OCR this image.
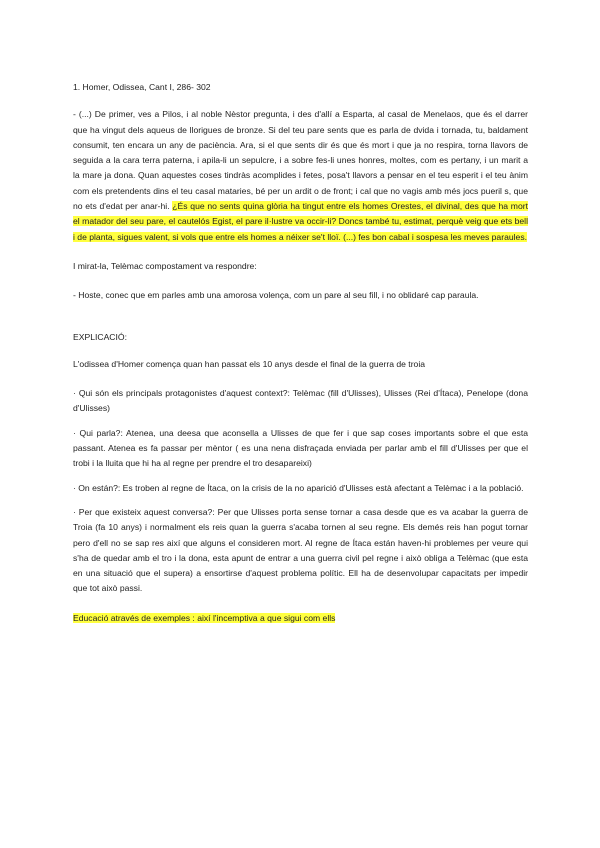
1. Homer, Odissea, Cant I, 286- 302

- (...) De primer, ves a Pilos, i al noble Nèstor pregunta, i des d'allí a Esparta, al casal de Menelaos, que és el darrer que ha vingut dels aqueus de llorigues de bronze. Si del teu pare sents que es parla de dvida i tornada, tu, baldament consumit, ten encara un any de paciència. Ara, si el que sents dir és que és mort i que ja no respira, torna llavors de seguida a la cara terra paterna, i apila-li un sepulcre, i a sobre fes-li unes honres, moltes, com es pertany, i un marit a la mare ja dona. Quan aquestes coses tindràs acomplides i fetes, posa't llavors a pensar en el teu esperit i el teu ànim com els pretendents dins el teu casal mataries, bé per un ardit o de front; i cal que no vagis amb més jocs pueril s, que no ets d'edat per anar-hi. ¿És que no sents quina glòria ha tingut entre els homes Orestes, el divinal, des que ha mort el matador del seu pare, el cautelós Egist, el pare il·lustre va occir-li? Doncs també tu, estimat, perquè veig que ets bell i de planta, sigues valent, si vols que entre els homes a néixer se't lloï. (...) fes bon cabal i sospesa les meves paraules.

I mirat-la, Telèmac compostament va respondre:

- Hoste, conec que em parles amb una amorosa volença, com un pare al seu fill, i no oblidaré cap paraula.

EXPLICACIÓ:

L'odissea d'Homer comença quan han passat els 10 anys desde el final de la guerra de troia

· Qui són els principals protagonistes d'aquest context?: Telèmac (fill d'Ulisses), Ulisses (Rei d'Ítaca), Penelope (dona d'Ulisses)

· Qui parla?: Atenea, una deesa que aconsella a Ulisses de que fer i que sap coses importants sobre el que esta passant. Atenea es fa passar per mèntor ( es una nena disfraçada enviada per parlar amb el fill d'Ulisses per que el trobi i la lluita que hi ha al regne per prendre el tro desapareixi)

· On están?: Es troben al regne de Ítaca, on la crisis de la no aparició d'Ulisses està afectant a Telèmac i a la població.

· Per que existeix aquest conversa?: Per que Ulisses porta sense tornar a casa desde que es va acabar la guerra de Troia (fa 10 anys) i normalment els reis quan la guerra s'acaba tornen al seu regne. Els demés reis han pogut tornar pero d'ell no se sap res així que alguns el consideren mort. Al regne de Ítaca están haven-hi problemes per veure qui s'ha de quedar amb el tro i la dona, esta apunt de entrar a una guerra civil pel regne i això obliga a Telèmac (que esta en una situació que el supera) a ensortirse d'aquest problema polític. Ell ha de desenvolupar capacitats per impedir que tot això passi.

Educació através de exemples : així l'incemptiva a que sigui com ells
